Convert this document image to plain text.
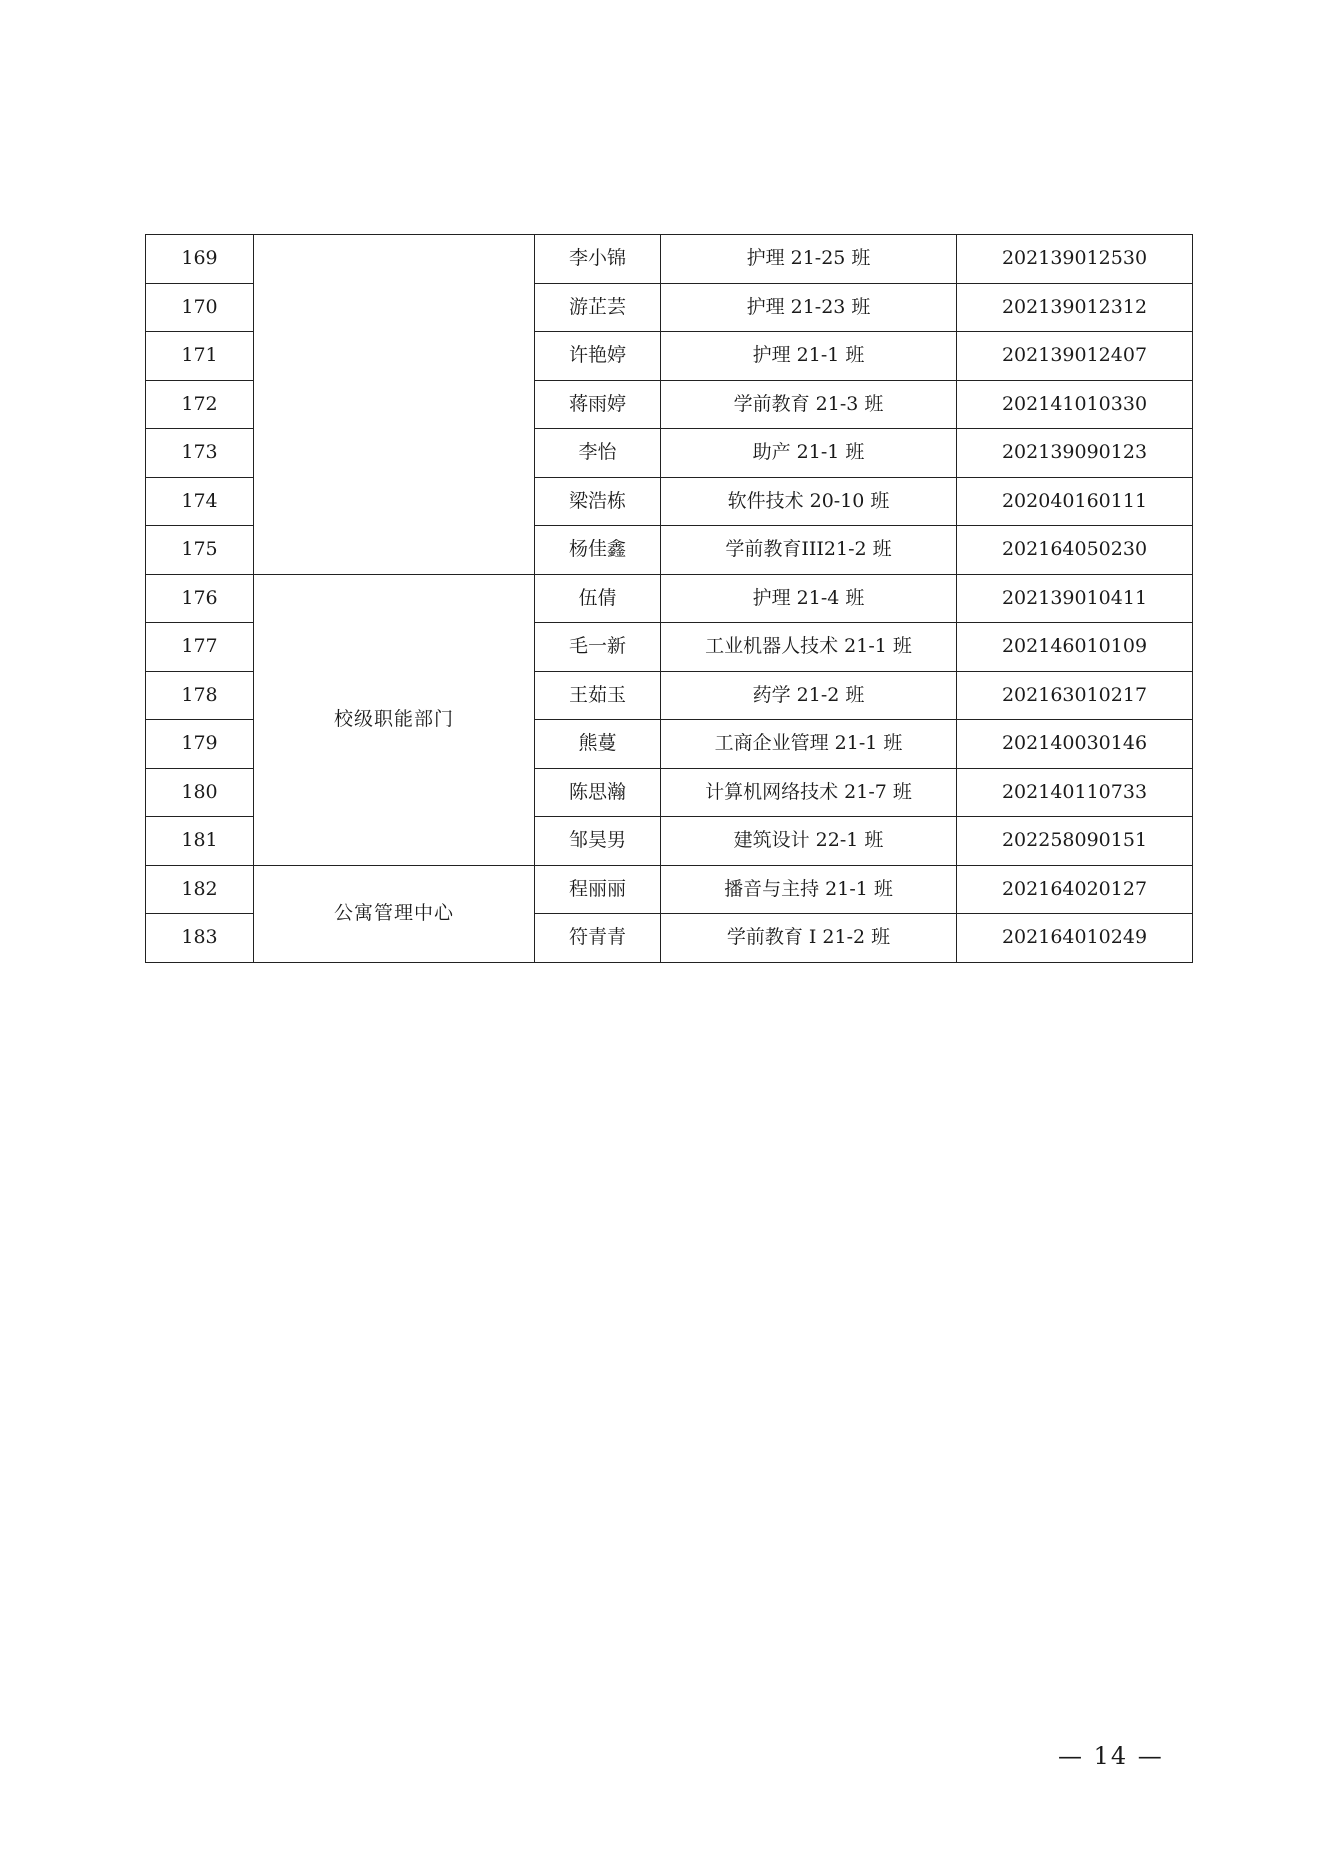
169		李小锦	护理 21-25 班	202139012530
170		游芷芸	护理 21-23 班	202139012312
171		许艳婷	护理 21-1 班	202139012407
172		蒋雨婷	学前教育 21-3 班	202141010330
173		李怡	助产 21-1 班	202139090123
174		梁浩栋	软件技术 20-10 班	202040160111
175		杨佳鑫	学前教育III21-2 班	202164050230
176	校级职能部门	伍倩	护理 21-4 班	202139010411
177		毛一新	工业机器人技术 21-1 班	202146010109
178		王茹玉	药学 21-2 班	202163010217
179		熊蔓	工商企业管理 21-1 班	202140030146
180		陈思瀚	计算机网络技术 21-7 班	202140110733
181		邹昊男	建筑设计 22-1 班	202258090151
182	公寓管理中心	程丽丽	播音与主持 21-1 班	202164020127
183		符青青	学前教育 I 21-2 班	202164010249
— 14 —
